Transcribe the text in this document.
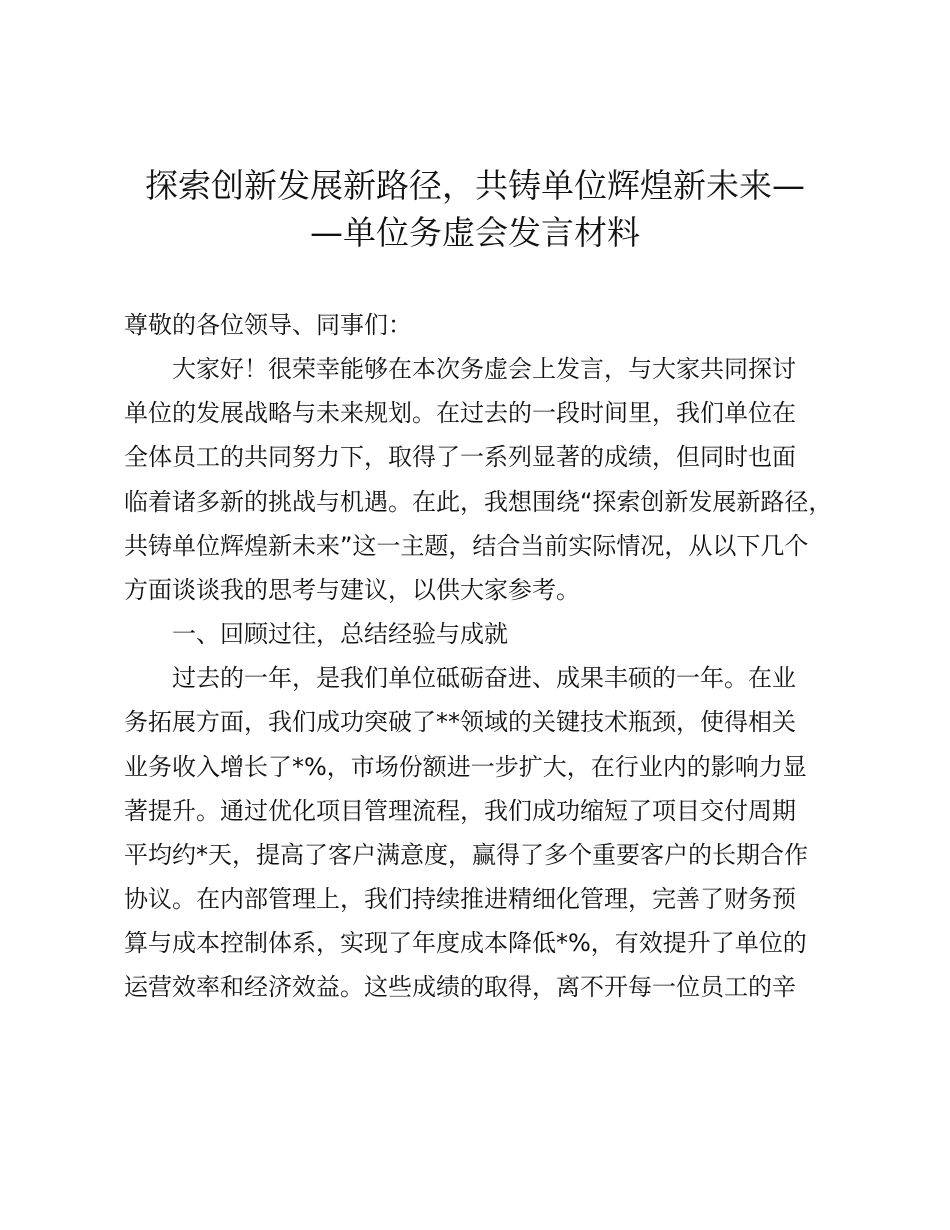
探索创新发展新路径，共铸单位辉煌新未来—
—单位务虚会发言材料
尊敬的各位领导、同事们：
大家好！很荣幸能够在本次务虚会上发言，与大家共同探讨
单位的发展战略与未来规划。在过去的一段时间里，我们单位在
全体员工的共同努力下，取得了一系列显著的成绩，但同时也面
临着诸多新的挑战与机遇。在此，我想围绕“探索创新发展新路径，
共铸单位辉煌新未来”这一主题，结合当前实际情况，从以下几个
方面谈谈我的思考与建议，以供大家参考。
一、回顾过往，总结经验与成就
过去的一年，是我们单位砥砺奋进、成果丰硕的一年。在业
务拓展方面，我们成功突破了**领域的关键技术瓶颈，使得相关
业务收入增长了*%，市场份额进一步扩大，在行业内的影响力显
著提升。通过优化项目管理流程，我们成功缩短了项目交付周期
平均约*天，提高了客户满意度，赢得了多个重要客户的长期合作
协议。在内部管理上，我们持续推进精细化管理，完善了财务预
算与成本控制体系，实现了年度成本降低*%，有效提升了单位的
运营效率和经济效益。这些成绩的取得，离不开每一位员工的辛
